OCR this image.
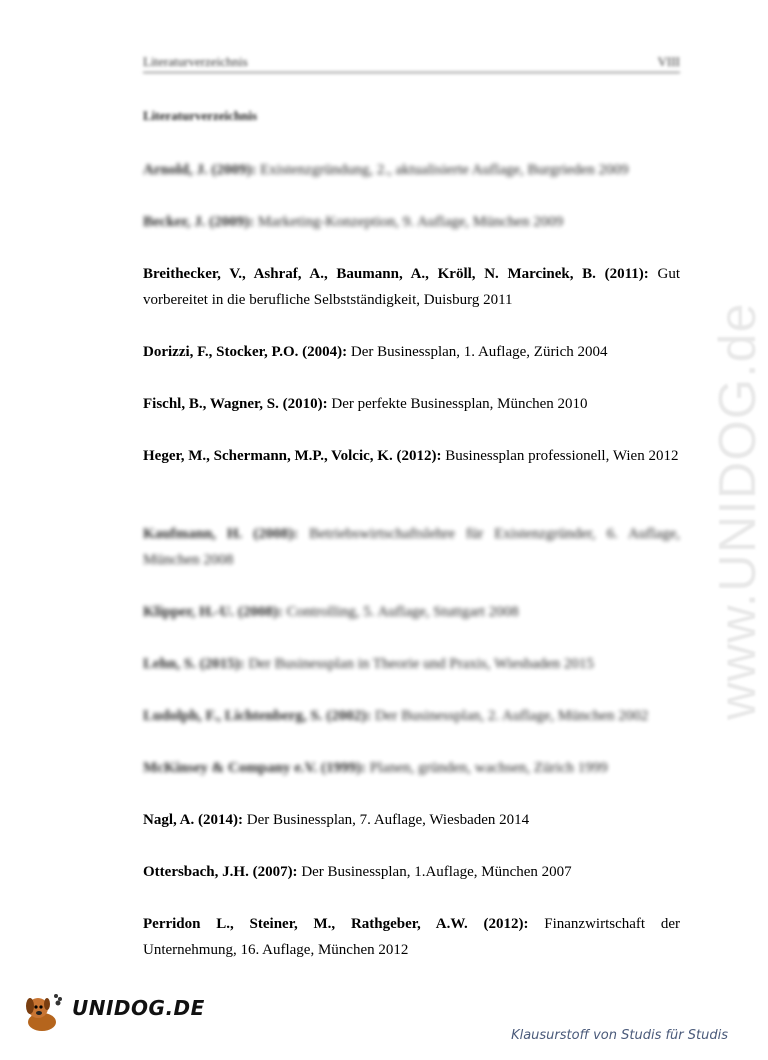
Literaturverzeichnis	VIII
Literaturverzeichnis
Arnold, J. (2009): Existenzgründung, 2., aktualisierte Auflage, Burgrieden 2009
Becker, J. (2009): Marketing-Konzeption, 9. Auflage, München 2009
Breithecker, V., Ashraf, A., Baumann, A., Kröll, N. Marcinek, B. (2011): Gut vorbereitet in die berufliche Selbstständigkeit, Duisburg 2011
Dorizzi, F., Stocker, P.O. (2004): Der Businessplan, 1. Auflage, Zürich 2004
Fischl, B., Wagner, S. (2010): Der perfekte Businessplan, München 2010
Heger, M., Schermann, M.P., Volcic, K. (2012): Businessplan professionell, Wien 2012
Kaufmann, H. (2008): Betriebswirtschaftslehre für Existenzgründer, 6. Auflage, München 2008
Klipper, H.-U. (2008): Controlling, 5. Auflage, Stuttgart 2008
Lehn, S. (2015): Der Businessplan in Theorie und Praxis, Wiesbaden 2015
Ludolph, F., Lichtenberg, S. (2002): Der Businessplan, 2. Auflage, München 2002
McKinsey & Company e.V. (1999): Planen, gründen, wachsen, Zürich 1999
Nagl, A. (2014): Der Businessplan, 7. Auflage, Wiesbaden 2014
Ottersbach, J.H. (2007): Der Businessplan, 1.Auflage, München 2007
Perridon L., Steiner, M., Rathgeber, A.W. (2012): Finanzwirtschaft der Unternehmung, 16. Auflage, München 2012
www.UNIDOG.de
UNIDOG.DE
Klausurstoff von Studis für Studis
